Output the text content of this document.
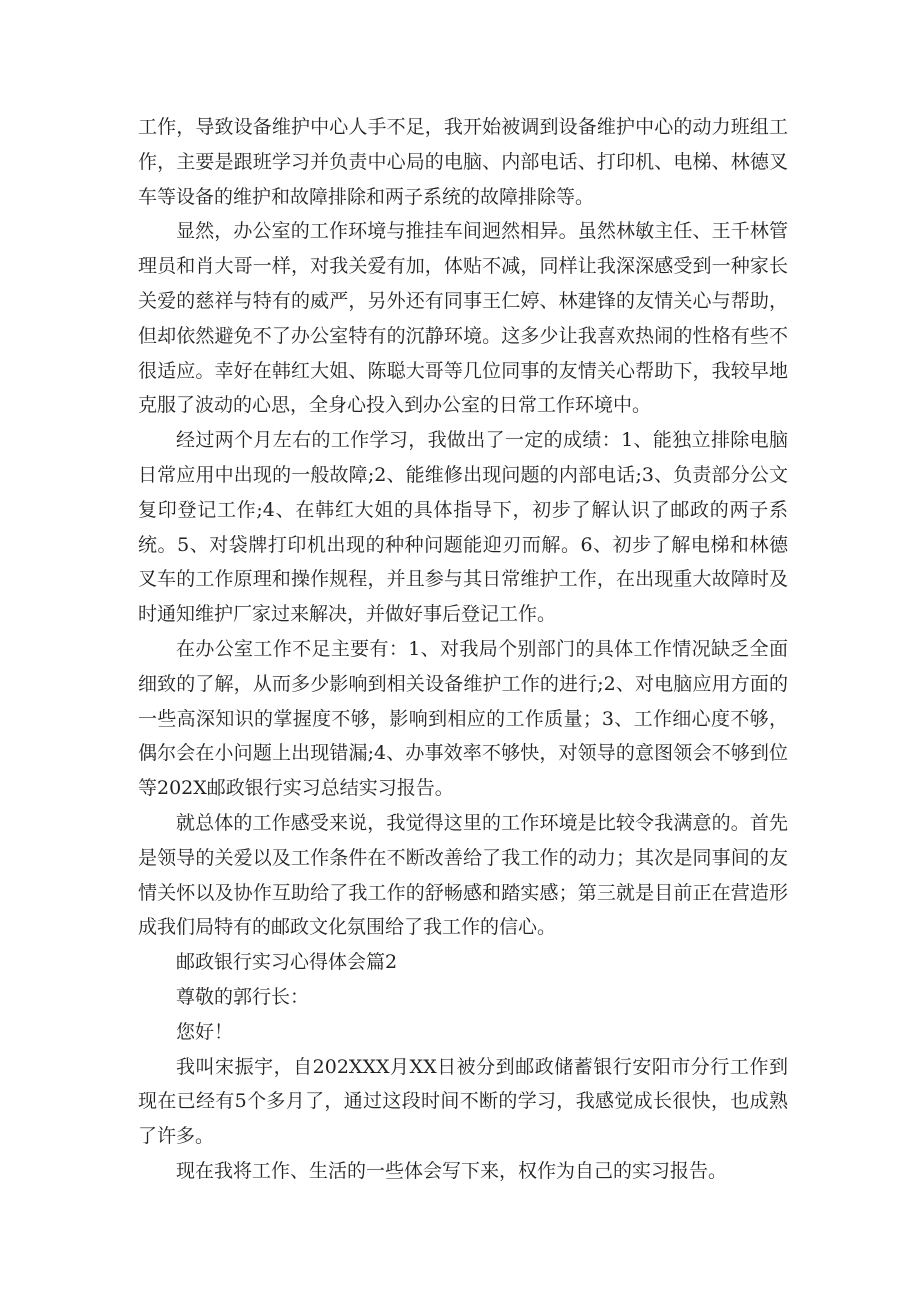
工作，导致设备维护中心人手不足，我开始被调到设备维护中心的动力班组工作，主要是跟班学习并负责中心局的电脑、内部电话、打印机、电梯、林德叉车等设备的维护和故障排除和两子系统的故障排除等。

显然，办公室的工作环境与推挂车间迥然相异。虽然林敏主任、王千林管理员和肖大哥一样，对我关爱有加，体贴不减，同样让我深深感受到一种家长关爱的慈祥与特有的威严，另外还有同事王仁婷、林建锋的友情关心与帮助，但却依然避免不了办公室特有的沉静环境。这多少让我喜欢热闹的性格有些不很适应。幸好在韩红大姐、陈聪大哥等几位同事的友情关心帮助下，我较早地克服了波动的心思，全身心投入到办公室的日常工作环境中。

经过两个月左右的工作学习，我做出了一定的成绩：1、能独立排除电脑日常应用中出现的一般故障;2、能维修出现问题的内部电话;3、负责部分公文复印登记工作;4、在韩红大姐的具体指导下，初步了解认识了邮政的两子系统。5、对袋牌打印机出现的种种问题能迎刃而解。6、初步了解电梯和林德叉车的工作原理和操作规程，并且参与其日常维护工作，在出现重大故障时及时通知维护厂家过来解决，并做好事后登记工作。

在办公室工作不足主要有：1、对我局个别部门的具体工作情况缺乏全面细致的了解，从而多少影响到相关设备维护工作的进行;2、对电脑应用方面的一些高深知识的掌握度不够，影响到相应的工作质量；3、工作细心度不够，偶尔会在小问题上出现错漏;4、办事效率不够快，对领导的意图领会不够到位等202X邮政银行实习总结实习报告。

就总体的工作感受来说，我觉得这里的工作环境是比较令我满意的。首先是领导的关爱以及工作条件在不断改善给了我工作的动力；其次是同事间的友情关怀以及协作互助给了我工作的舒畅感和踏实感；第三就是目前正在营造形成我们局特有的邮政文化氛围给了我工作的信心。

邮政银行实习心得体会篇2

尊敬的郭行长：

您好！

我叫宋振宇，自202XXX月XX日被分到邮政储蓄银行安阳市分行工作到现在已经有5个多月了，通过这段时间不断的学习，我感觉成长很快，也成熟了许多。

现在我将工作、生活的一些体会写下来，权作为自己的实习报告。
